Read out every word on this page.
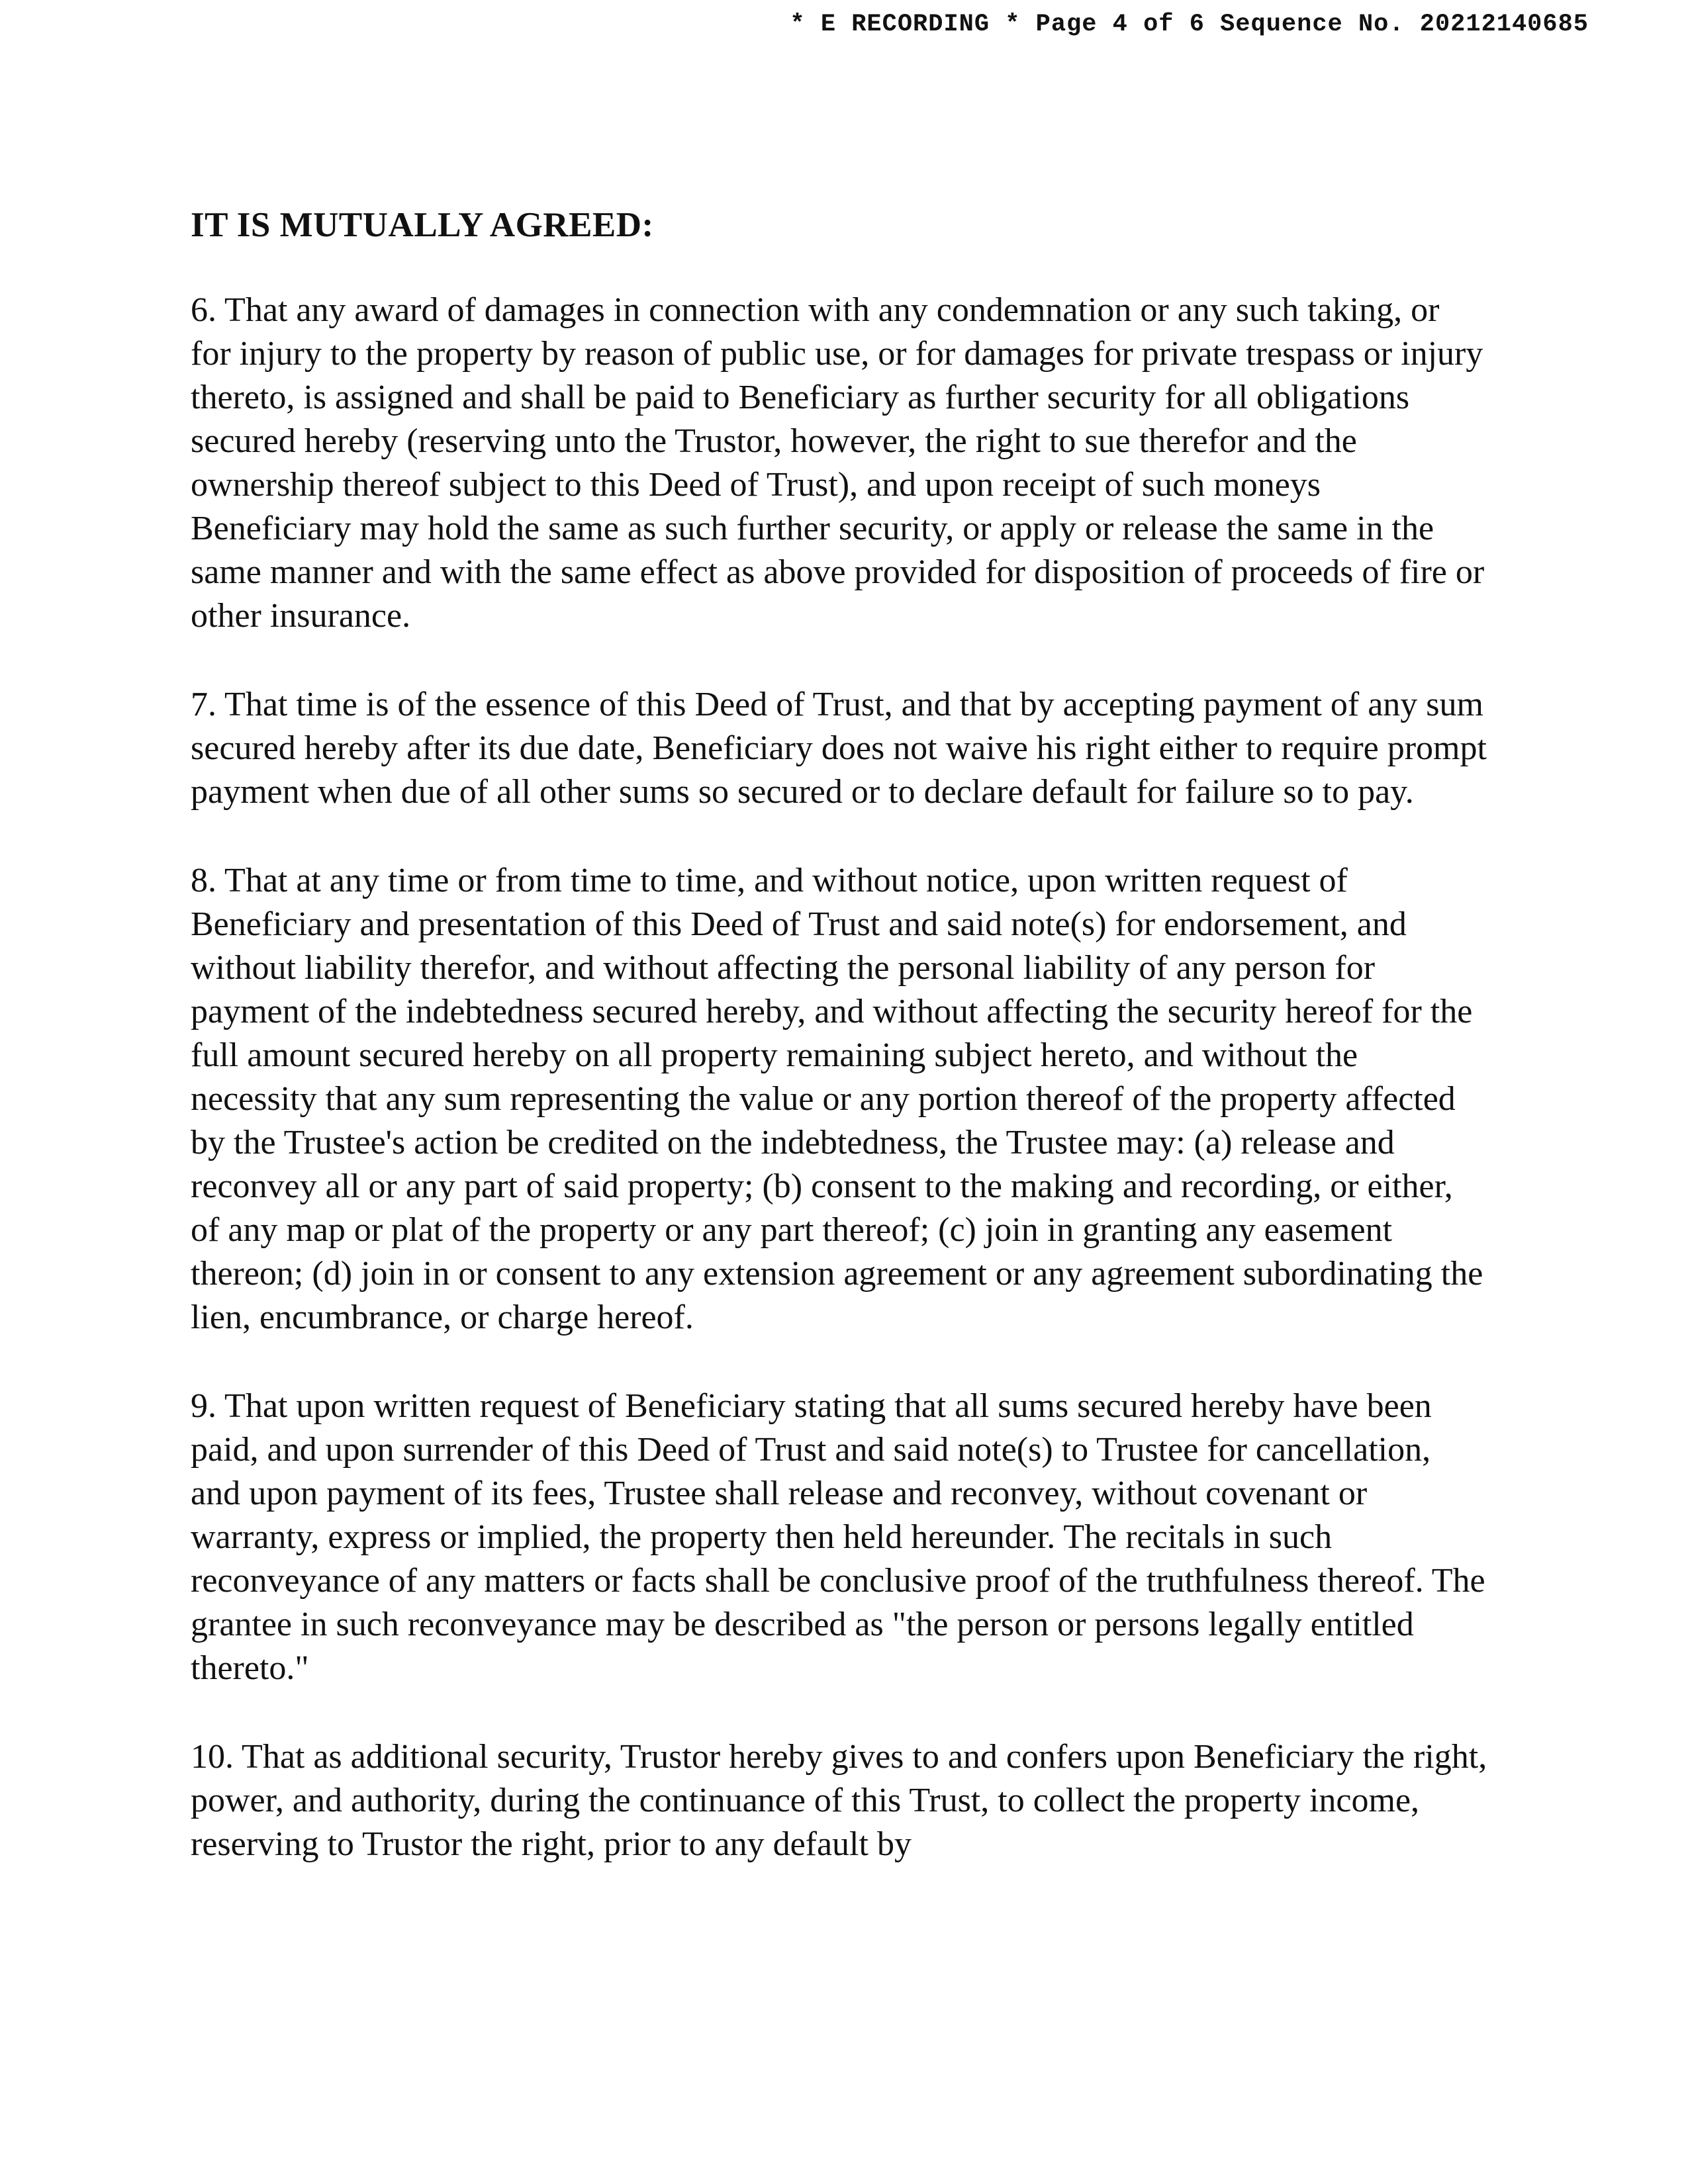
* E RECORDING * Page 4 of 6 Sequence No. 20212140685
IT IS MUTUALLY AGREED:

6. That any award of damages in connection with any condemnation or any such taking, or for injury to the property by reason of public use, or for damages for private trespass or injury thereto, is assigned and shall be paid to Beneficiary as further security for all obligations secured hereby (reserving unto the Trustor, however, the right to sue therefor and the ownership thereof subject to this Deed of Trust), and upon receipt of such moneys Beneficiary may hold the same as such further security, or apply or release the same in the same manner and with the same effect as above provided for disposition of proceeds of fire or other insurance.

7. That time is of the essence of this Deed of Trust, and that by accepting payment of any sum secured hereby after its due date, Beneficiary does not waive his right either to require prompt payment when due of all other sums so secured or to declare default for failure so to pay.

8. That at any time or from time to time, and without notice, upon written request of Beneficiary and presentation of this Deed of Trust and said note(s) for endorsement, and without liability therefor, and without affecting the personal liability of any person for payment of the indebtedness secured hereby, and without affecting the security hereof for the full amount secured hereby on all property remaining subject hereto, and without the necessity that any sum representing the value or any portion thereof of the property affected by the Trustee's action be credited on the indebtedness, the Trustee may: (a) release and reconvey all or any part of said property; (b) consent to the making and recording, or either, of any map or plat of the property or any part thereof; (c) join in granting any easement thereon; (d) join in or consent to any extension agreement or any agreement subordinating the lien, encumbrance, or charge hereof.

9. That upon written request of Beneficiary stating that all sums secured hereby have been paid, and upon surrender of this Deed of Trust and said note(s) to Trustee for cancellation, and upon payment of its fees, Trustee shall release and reconvey, without covenant or warranty, express or implied, the property then held hereunder. The recitals in such reconveyance of any matters or facts shall be conclusive proof of the truthfulness thereof. The grantee in such reconveyance may be described as "the person or persons legally entitled thereto."

10. That as additional security, Trustor hereby gives to and confers upon Beneficiary the right, power, and authority, during the continuance of this Trust, to collect the property income, reserving to Trustor the right, prior to any default by
